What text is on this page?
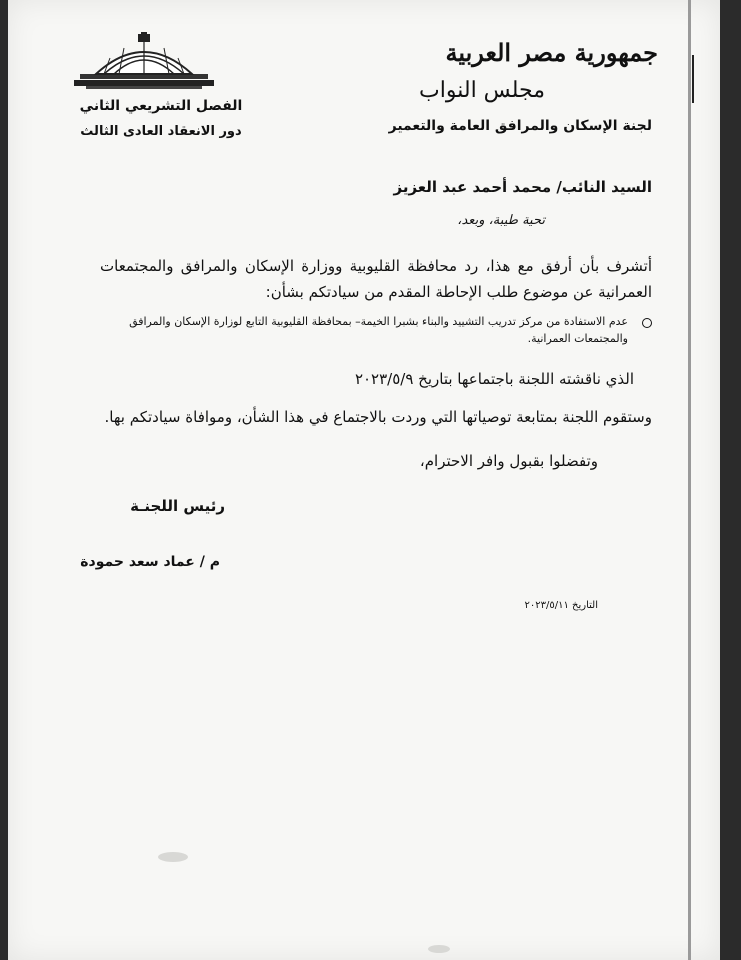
جمهورية مصر العربية
مجلس النواب
لجنة الإسكان والمرافق العامة والتعمير
الفصل التشريعي الثاني
دور الانعقاد العادى الثالث
السيد النائب/ محمد أحمد عبد العزيز
تحية طيبة، وبعد،
أتشرف بأن أرفق مع هذا، رد محافظة القليوبية ووزارة الإسكان والمرافق والمجتمعات العمرانية عن موضوع طلب الإحاطة المقدم من سيادتكم بشأن:
عدم الاستفادة من مركز تدريب التشييد والبناء بشبرا الخيمة– بمحافظة القليوبية التابع لوزارة الإسكان والمرافق والمجتمعات العمرانية.
الذي ناقشته اللجنة باجتماعها بتاريخ ٢٠٢٣/٥/٩
وستقوم اللجنة بمتابعة توصياتها التي وردت بالاجتماع في هذا الشأن، وموافاة سيادتكم بها.
وتفضلوا بقبول وافر الاحترام،
رئيس اللجنـة
م / عماد سعد حمودة
التاريخ ٢٠٢٣/٥/١١
